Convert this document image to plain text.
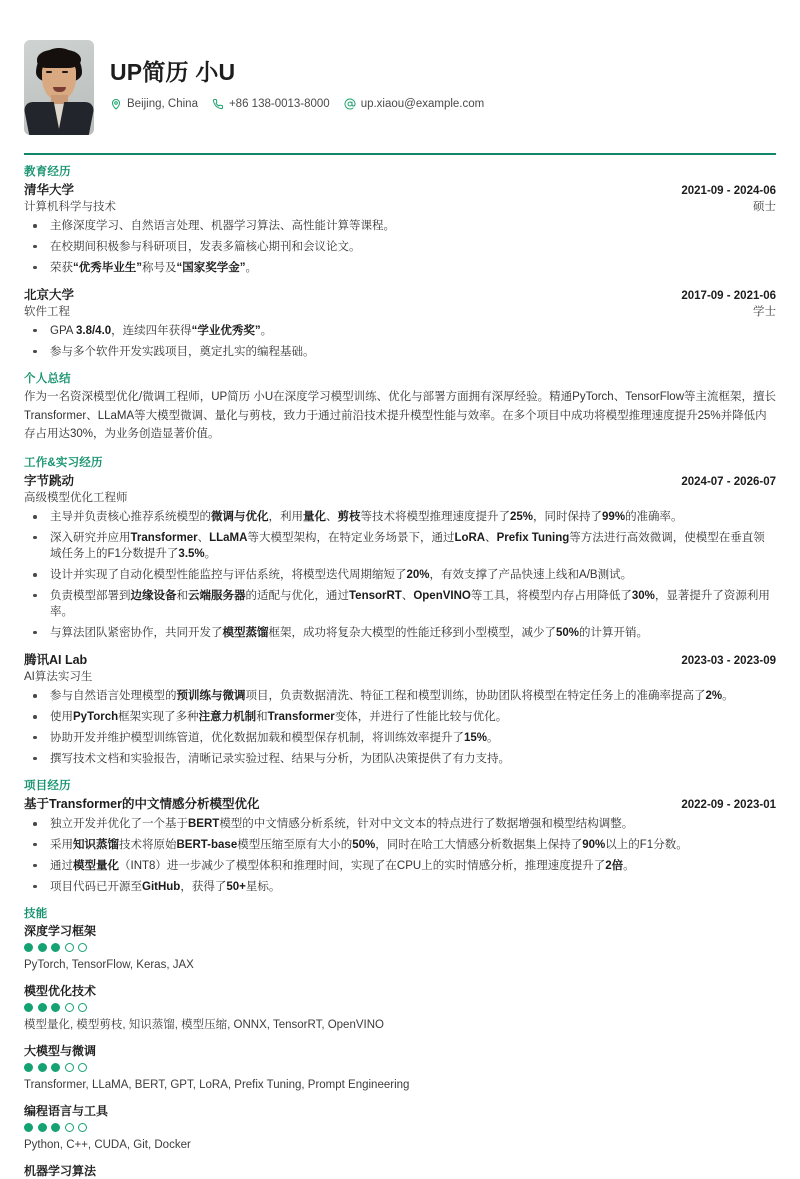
UP简历 小U
Beijing, China	+86 138-0013-8000	up.xiaou@example.com
教育经历
清华大学	2021-09 - 2024-06
计算机科学与技术	硕士
主修深度学习、自然语言处理、机器学习算法、高性能计算等课程。
在校期间积极参与科研项目，发表多篇核心期刊和会议论文。
荣获“优秀毕业生”称号及“国家奖学金”。
北京大学	2017-09 - 2021-06
软件工程	学士
GPA 3.8/4.0，连续四年获得“学业优秀奖”。
参与多个软件开发实践项目，奠定扎实的编程基础。
个人总结
作为一名资深模型优化/微调工程师，UP简历 小U在深度学习模型训练、优化与部署方面拥有深厚经验。精通PyTorch、TensorFlow等主流框架，擅长Transformer、LLaMA等大模型微调、量化与剪枝，致力于通过前沿技术提升模型性能与效率。在多个项目中成功将模型推理速度提升25%并降低内存占用达30%，为业务创造显著价值。
工作&实习经历
字节跳动	2024-07 - 2026-07
高级模型优化工程师
主导并负责核心推荐系统模型的微调与优化，利用量化、剪枝等技术将模型推理速度提升了25%，同时保持了99%的准确率。
深入研究并应用Transformer、LLaMA等大模型架构，在特定业务场景下，通过LoRA、Prefix Tuning等方法进行高效微调，使模型在垂直领域任务上的F1分数提升了3.5%。
设计并实现了自动化模型性能监控与评估系统，将模型迭代周期缩短了20%，有效支撑了产品快速上线和A/B测试。
负责模型部署到边缘设备和云端服务器的适配与优化，通过TensorRT、OpenVINO等工具，将模型内存占用降低了30%，显著提升了资源利用率。
与算法团队紧密协作，共同开发了模型蒸馏框架，成功将复杂大模型的性能迁移到小型模型，减少了50%的计算开销。
腾讯AI Lab	2023-03 - 2023-09
AI算法实习生
参与自然语言处理模型的预训练与微调项目，负责数据清洗、特征工程和模型训练，协助团队将模型在特定任务上的准确率提高了2%。
使用PyTorch框架实现了多种注意力机制和Transformer变体，并进行了性能比较与优化。
协助开发并维护模型训练管道，优化数据加载和模型保存机制，将训练效率提升了15%。
撰写技术文档和实验报告，清晰记录实验过程、结果与分析，为团队决策提供了有力支持。
项目经历
基于Transformer的中文情感分析模型优化	2022-09 - 2023-01
独立开发并优化了一个基于BERT模型的中文情感分析系统，针对中文文本的特点进行了数据增强和模型结构调整。
采用知识蒸馏技术将原始BERT-base模型压缩至原有大小的50%，同时在哈工大情感分析数据集上保持了90%以上的F1分数。
通过模型量化（INT8）进一步减少了模型体积和推理时间，实现了在CPU上的实时情感分析，推理速度提升了2倍。
项目代码已开源至GitHub，获得了50+星标。
技能
深度学习框架
PyTorch, TensorFlow, Keras, JAX
模型优化技术
模型量化, 模型剪枝, 知识蒸馏, 模型压缩, ONNX, TensorRT, OpenVINO
大模型与微调
Transformer, LLaMA, BERT, GPT, LoRA, Prefix Tuning, Prompt Engineering
编程语言与工具
Python, C++, CUDA, Git, Docker
机器学习算法
